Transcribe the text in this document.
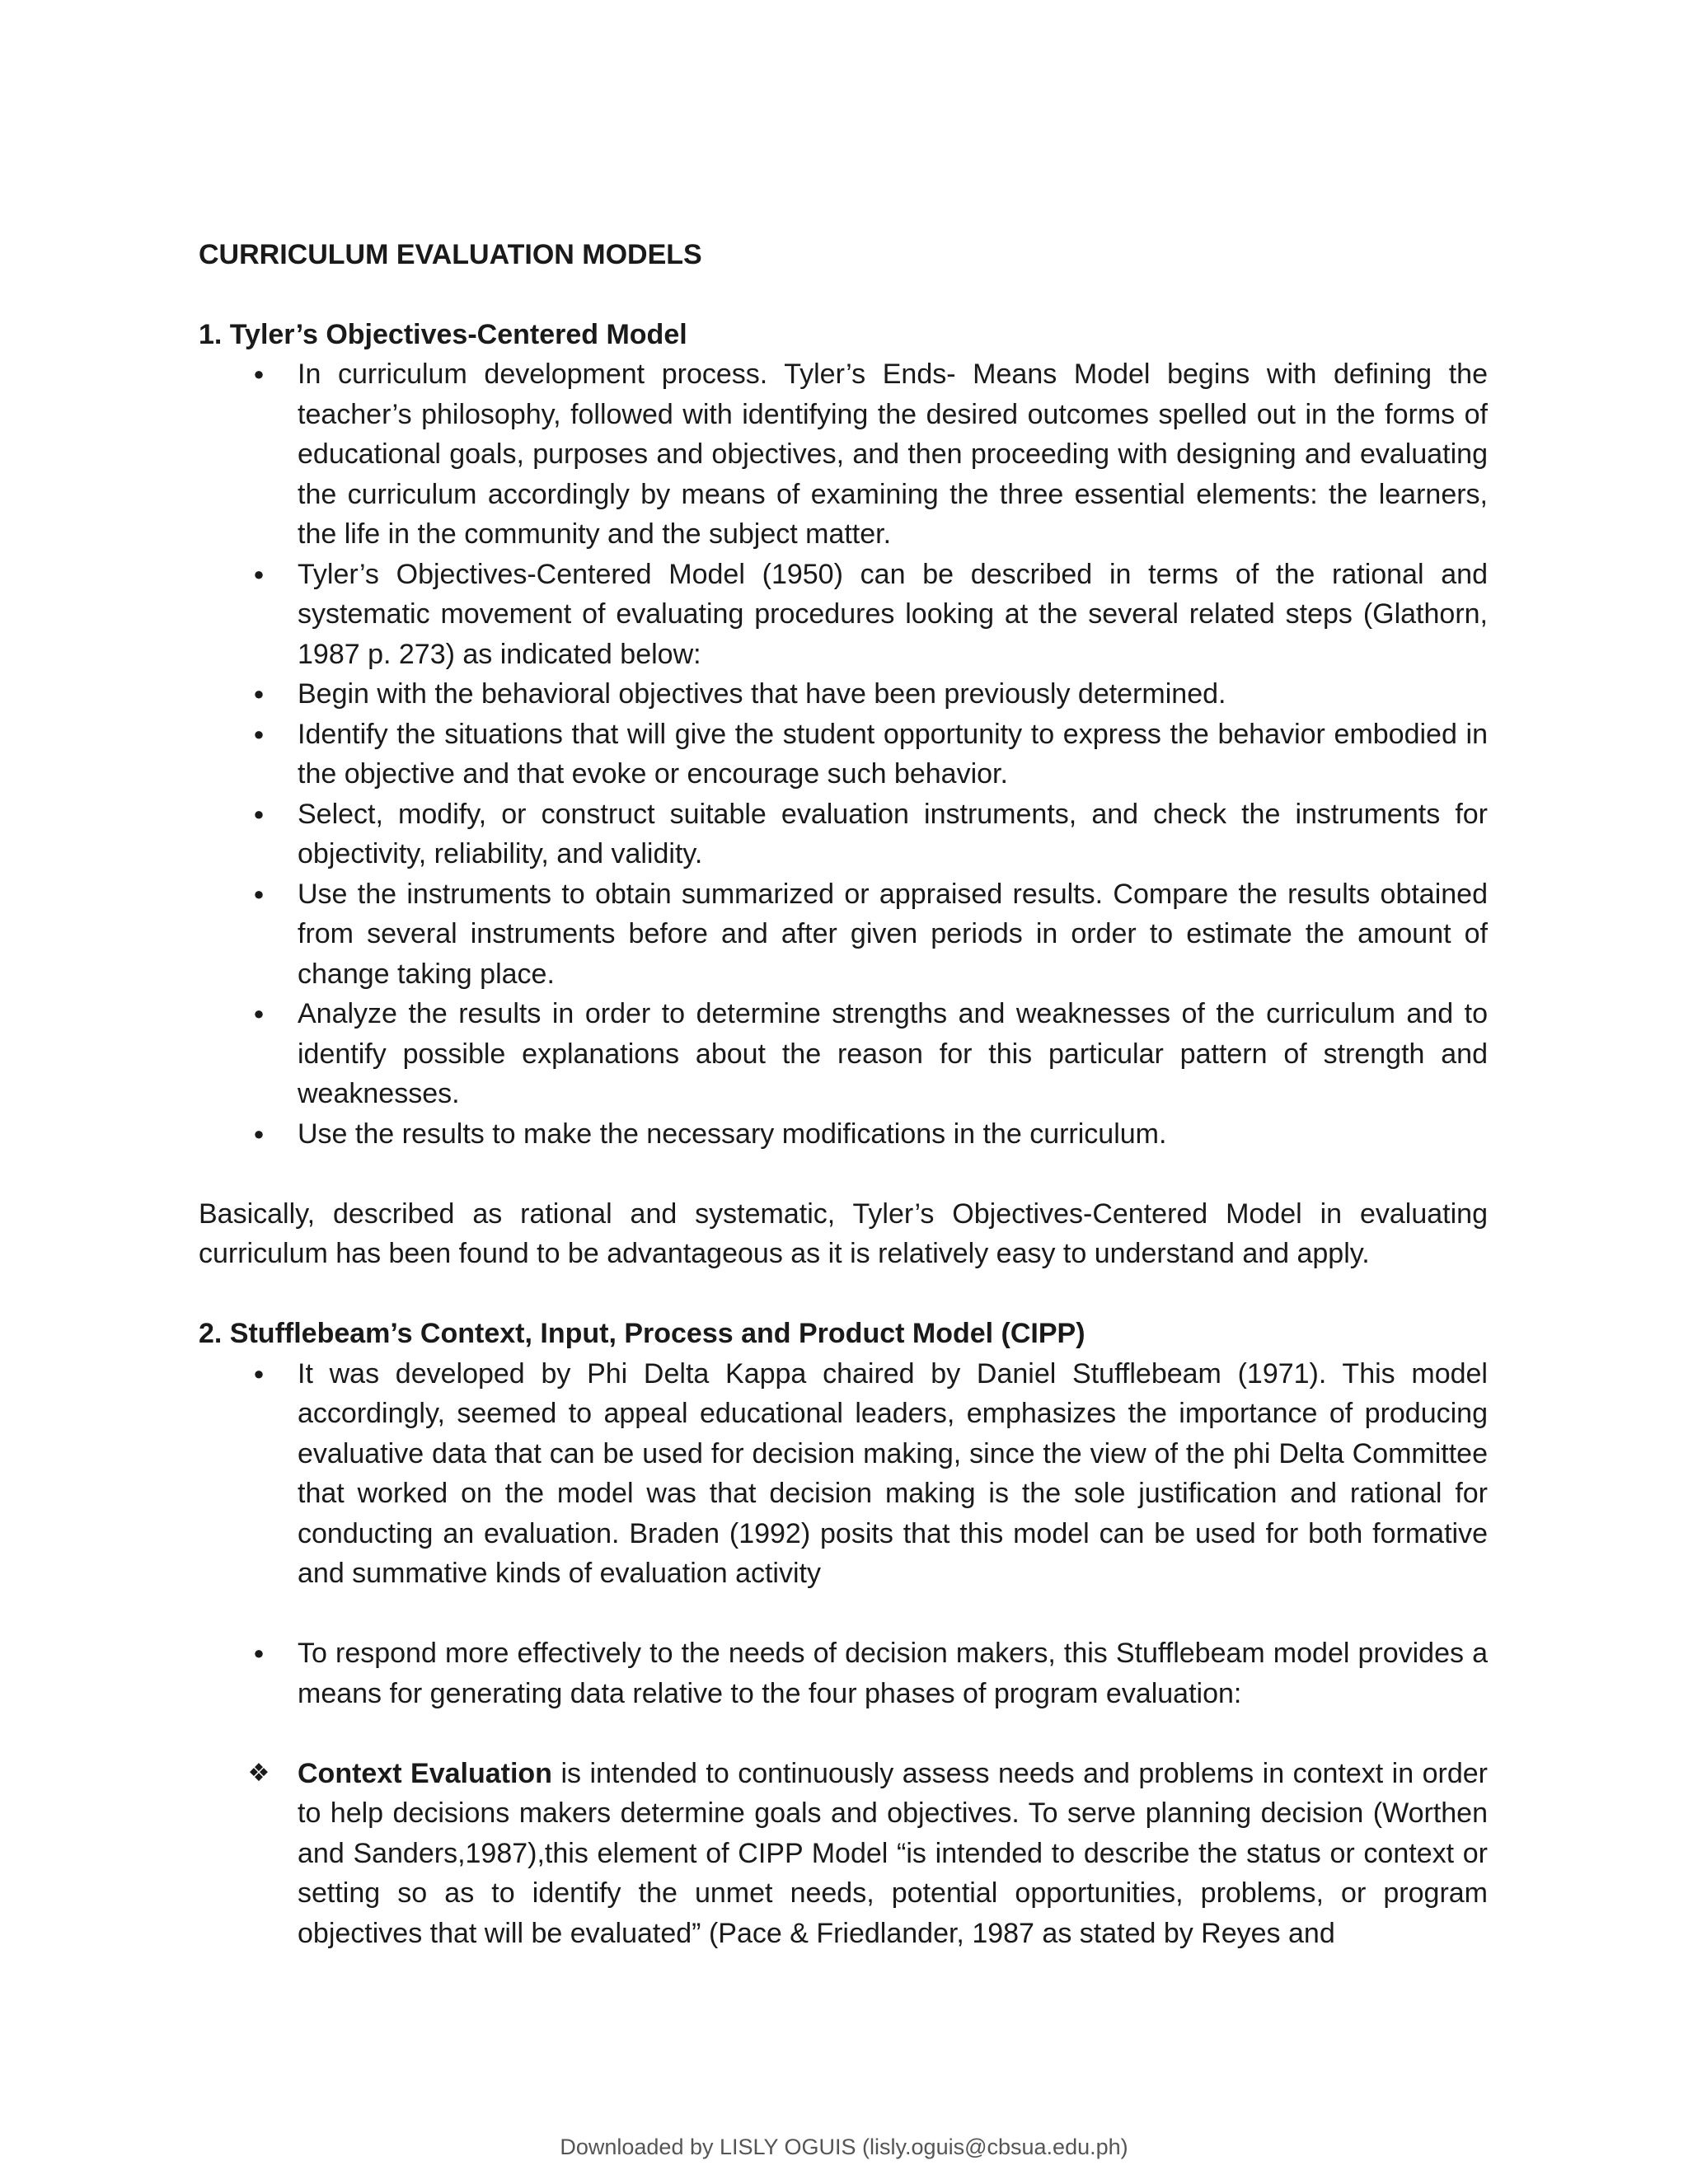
CURRICULUM EVALUATION MODELS
1. Tyler’s Objectives-Centered Model
● In curriculum development process. Tyler’s Ends- Means Model begins with defining the teacher’s philosophy, followed with identifying the desired outcomes spelled out in the forms of educational goals, purposes and objectives, and then proceeding with designing and evaluating the curriculum accordingly by means of examining the three essential elements: the learners, the life in the community and the subject matter.
● Tyler’s Objectives-Centered Model (1950) can be described in terms of the rational and systematic movement of evaluating procedures looking at the several related steps (Glathorn, 1987 p. 273) as indicated below:
● Begin with the behavioral objectives that have been previously determined.
● Identify the situations that will give the student opportunity to express the behavior embodied in the objective and that evoke or encourage such behavior.
● Select, modify, or construct suitable evaluation instruments, and check the instruments for objectivity, reliability, and validity.
● Use the instruments to obtain summarized or appraised results. Compare the results obtained from several instruments before and after given periods in order to estimate the amount of change taking place.
● Analyze the results in order to determine strengths and weaknesses of the curriculum and to identify possible explanations about the reason for this particular pattern of strength and weaknesses.
● Use the results to make the necessary modifications in the curriculum.

Basically, described as rational and systematic, Tyler’s Objectives-Centered Model in evaluating curriculum has been found to be advantageous as it is relatively easy to understand and apply.

2. Stufflebeam’s Context, Input, Process and Product Model (CIPP)
● It was developed by Phi Delta Kappa chaired by Daniel Stufflebeam (1971). This model accordingly, seemed to appeal educational leaders, emphasizes the importance of producing evaluative data that can be used for decision making, since the view of the phi Delta Committee that worked on the model was that decision making is the sole justification and rational for conducting an evaluation. Braden (1992) posits that this model can be used for both formative and summative kinds of evaluation activity
● To respond more effectively to the needs of decision makers, this Stufflebeam model provides a means for generating data relative to the four phases of program evaluation:
❖ Context Evaluation is intended to continuously assess needs and problems in context in order to help decisions makers determine goals and objectives. To serve planning decision (Worthen and Sanders,1987),this element of CIPP Model “is intended to describe the status or context or setting so as to identify the unmet needs, potential opportunities, problems, or program objectives that will be evaluated” (Pace & Friedlander, 1987 as stated by Reyes and
Downloaded by LISLY OGUIS (lisly.oguis@cbsua.edu.ph)
